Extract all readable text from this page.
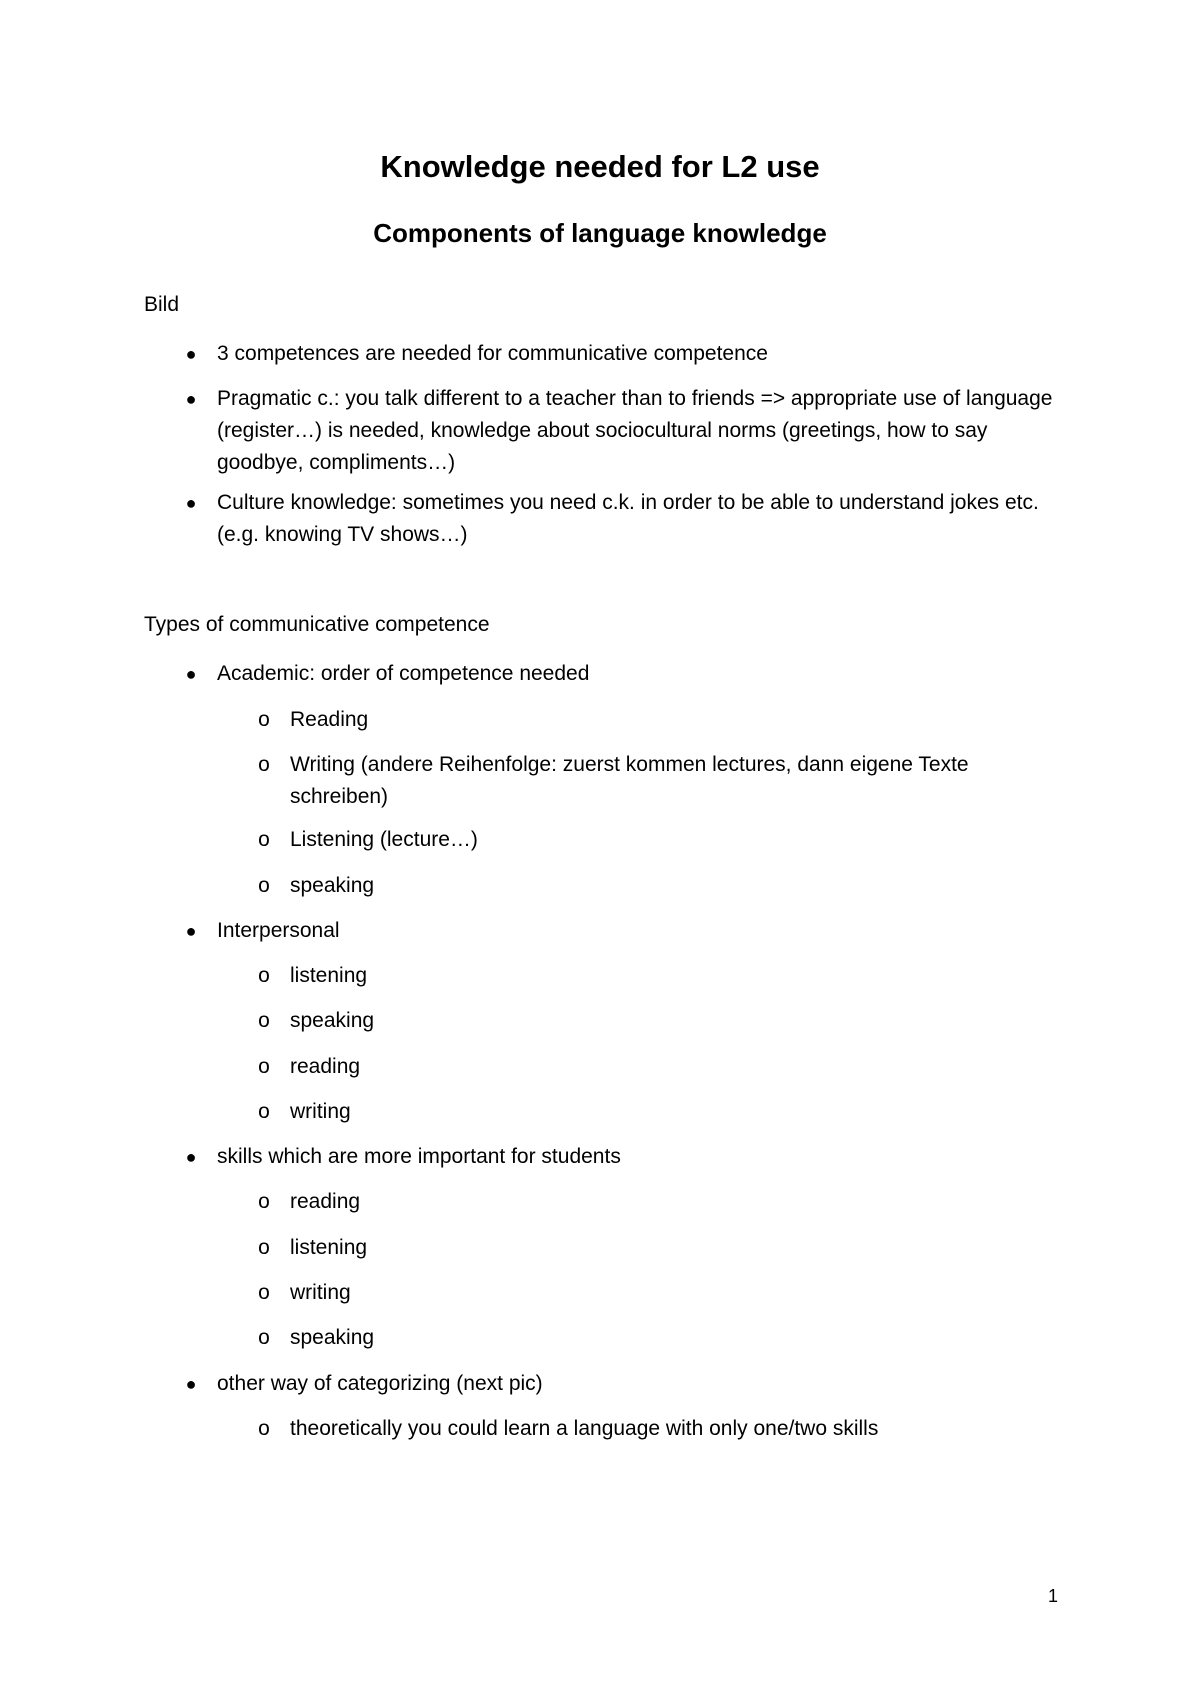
Knowledge needed for L2 use
Components of language knowledge
Bild
● 3 competences are needed for communicative competence
● Pragmatic c.: you talk different to a teacher than to friends => appropriate use of language (register…) is needed, knowledge about sociocultural norms (greetings, how to say goodbye, compliments…)
● Culture knowledge: sometimes you need c.k. in order to be able to understand jokes etc. (e.g. knowing TV shows…)
Types of communicative competence
● Academic: order of competence needed
o Reading
o Writing (andere Reihenfolge: zuerst kommen lectures, dann eigene Texte schreiben)
o Listening (lecture…)
o speaking
● Interpersonal
o listening
o speaking
o reading
o writing
● skills which are more important for students
o reading
o listening
o writing
o speaking
● other way of categorizing (next pic)
o theoretically you could learn a language with only one/two skills
1
